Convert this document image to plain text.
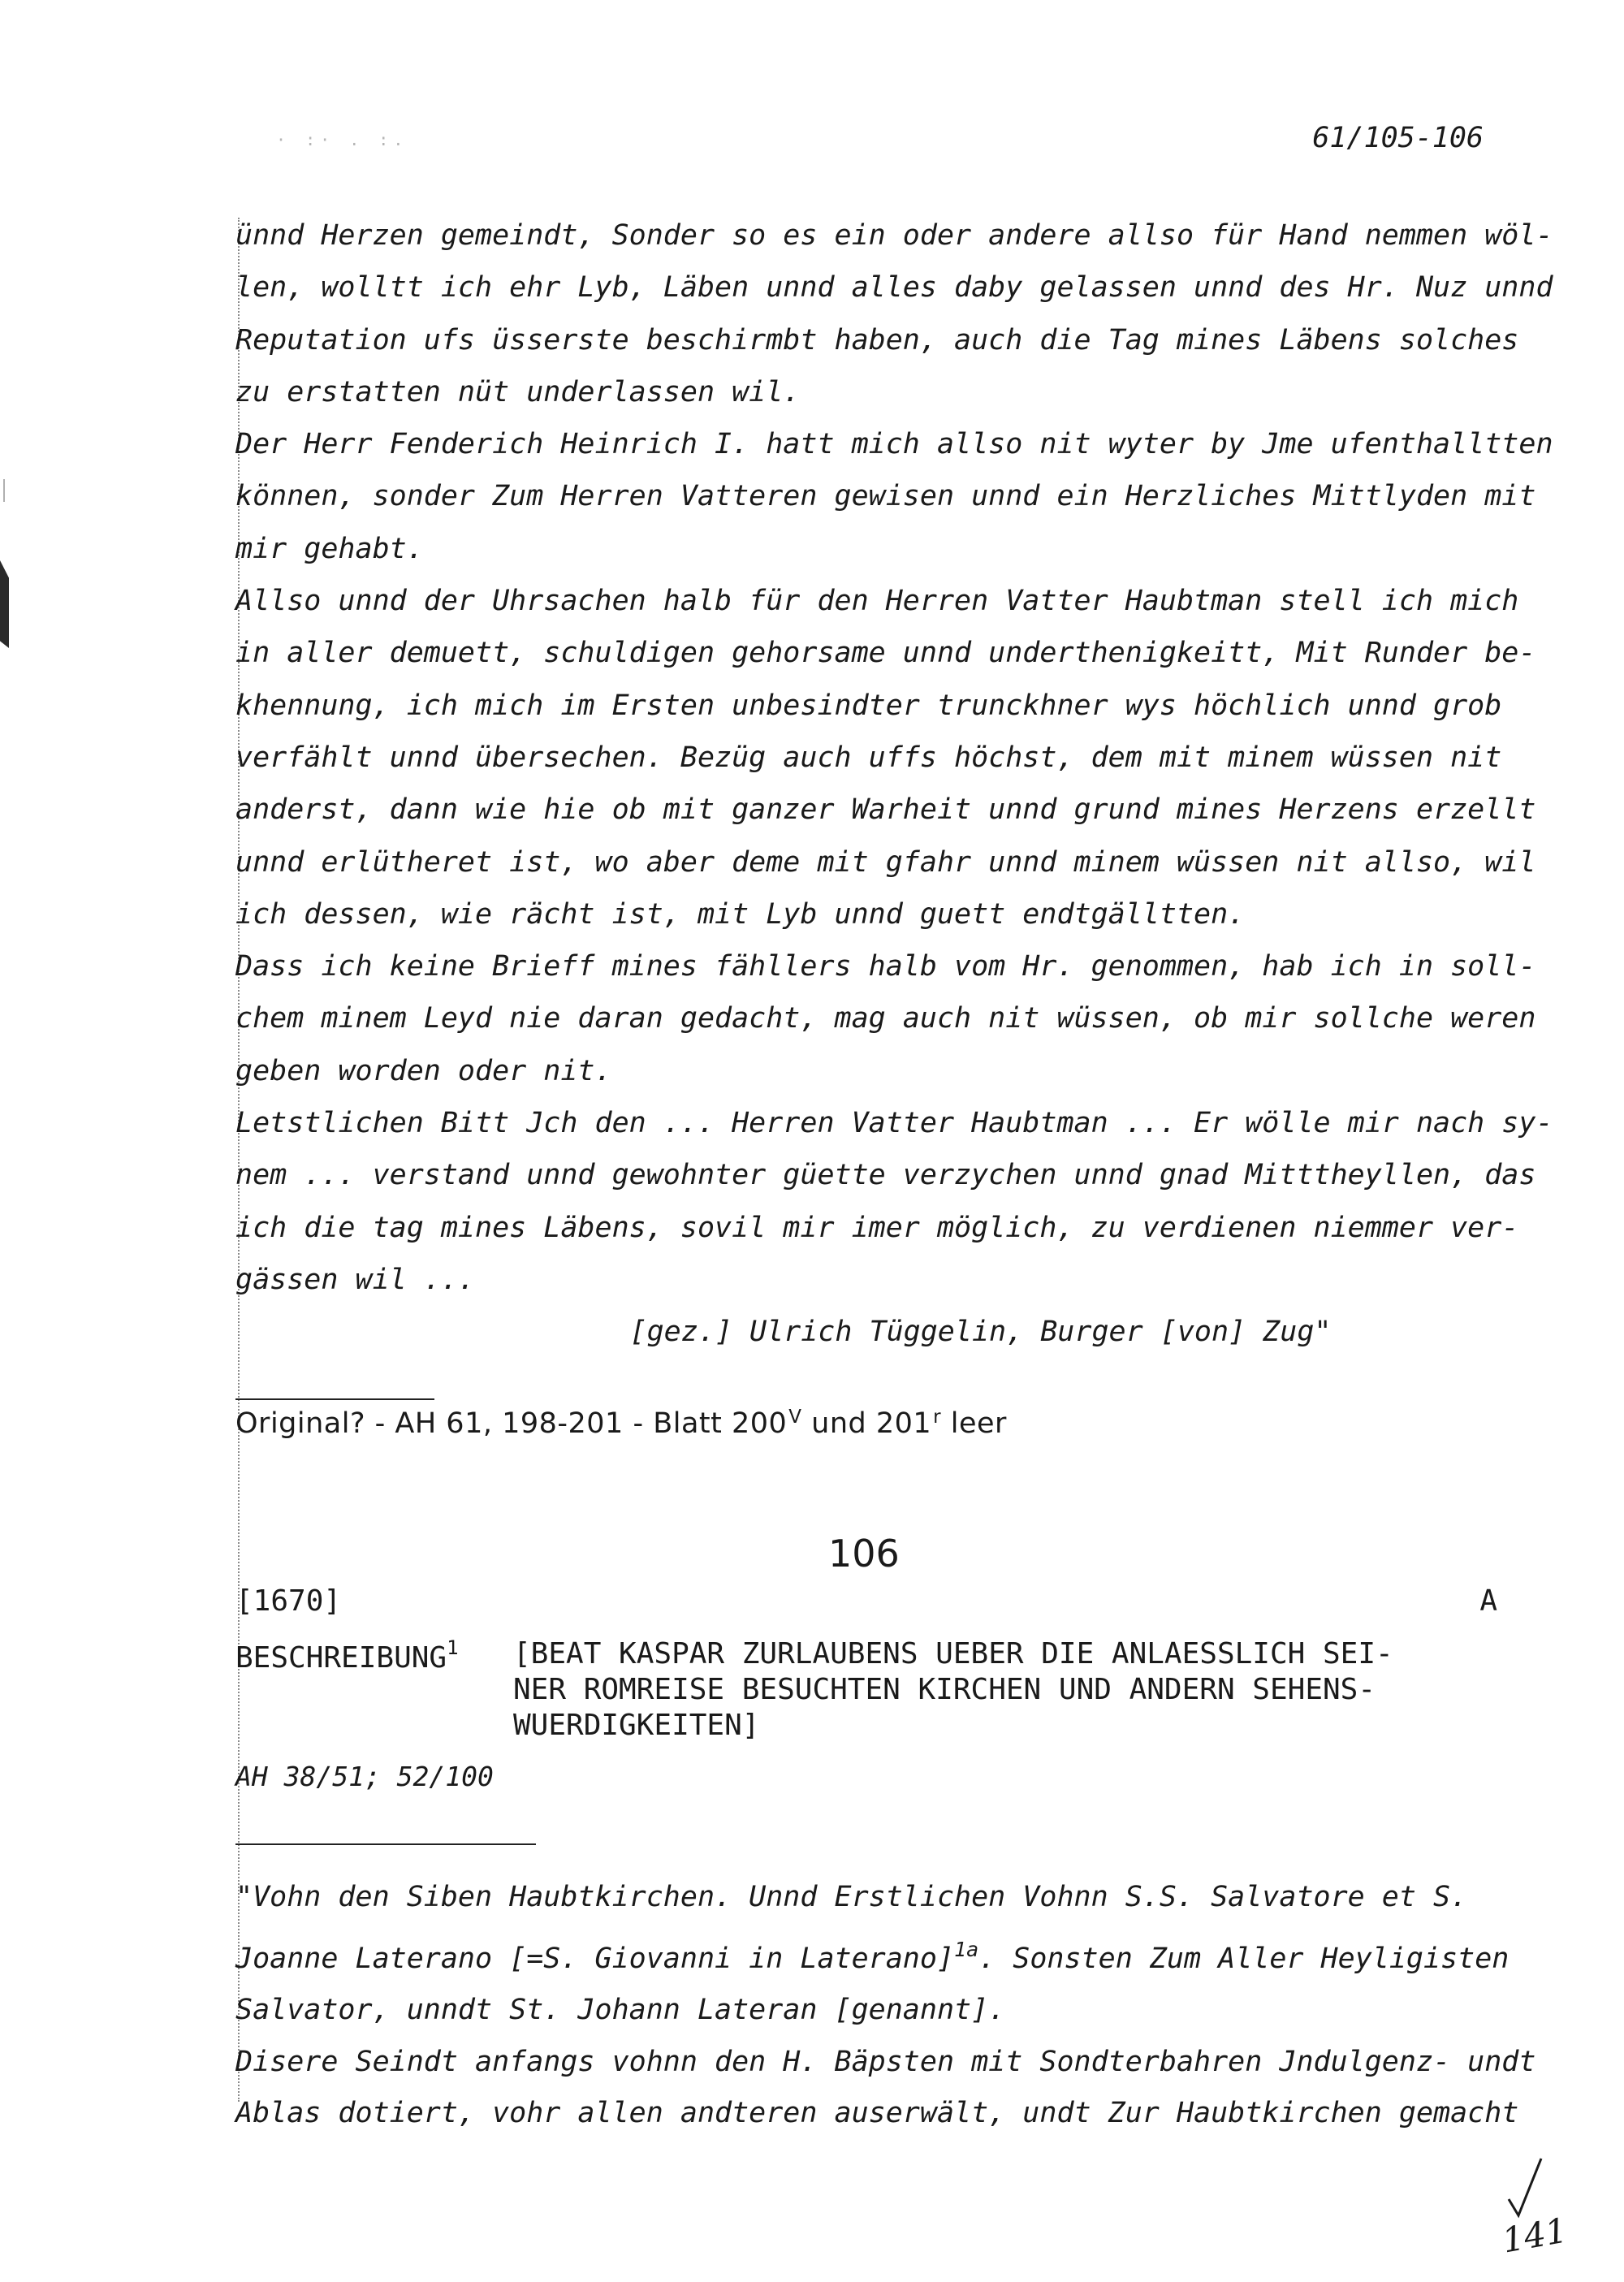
· :· . :.	61/105-106
ünnd Herzen gemeindt, Sonder so es ein oder andere allso für Hand nemmen wöl-
len, wolltt ich ehr Lyb, Läben unnd alles daby gelassen unnd des Hr. Nuz unnd
Reputation ufs üsserste beschirmbt haben, auch die Tag mines Läbens solches
zu erstatten nüt underlassen wil.
Der Herr Fenderich Heinrich I. hatt mich allso nit wyter by Jme ufenthalltten
können, sonder Zum Herren Vatteren gewisen unnd ein Herzliches Mittlyden mit
mir gehabt.
Allso unnd der Uhrsachen halb für den Herren Vatter Haubtman stell ich mich
in aller demuett, schuldigen gehorsame unnd underthenigkeitt, Mit Runder be-
khennung, ich mich im Ersten unbesindter trunckhner wys höchlich unnd grob
verfählt unnd übersechen. Bezüg auch uffs höchst, dem mit minem wüssen nit
anderst, dann wie hie ob mit ganzer Warheit unnd grund mines Herzens erzellt
unnd erlütheret ist, wo aber deme mit gfahr unnd minem wüssen nit allso, wil
ich dessen, wie rächt ist, mit Lyb unnd guett endtgälltten.
Dass ich keine Brieff mines fähllers halb vom Hr. genommen, hab ich in soll-
chem minem Leyd nie daran gedacht, mag auch nit wüssen, ob mir sollche weren
geben worden oder nit.
Letstlichen Bitt Jch den ... Herren Vatter Haubtman ... Er wölle mir nach sy-
nem ... verstand unnd gewohnter güette verzychen unnd gnad Mittthеyllen, das
ich die tag mines Läbens, sovil mir imer möglich, zu verdienen niemmer ver-
gässen wil ...
[gez.] Ulrich Tüggelin, Burger [von] Zug"
Original? - AH 61, 198-201 - Blatt $200^V$ und 201$^r$ leer
106
[1670]	A
BESCHREIBUNG$^1$ [BEAT KASPAR ZURLAUBENS UEBER DIE ANLAESSLICH SEI-
NER ROMREISE BESUCHTEN KIRCHEN UND ANDERN SEHENS-
WUERDIGKEITEN]
AH 38/51; 52/100
"Vohn den Siben Haubtkirchen. Unnd Erstlichen Vohnn S.S. Salvatore et S.
Joanne Laterano [=S. Giovanni in Laterano]$^{1a}$. Sonsten Zum Aller Heyligisten
Salvator, unndt St. Johann Lateran [genannt].
Disere Seindt anfangs vohnn den H. Bäpsten mit Sondterbahren Jndulgenz- undt
Ablas dotiert, vohr allen andteren auserwält, undt Zur Haubtkirchen gemacht
141
